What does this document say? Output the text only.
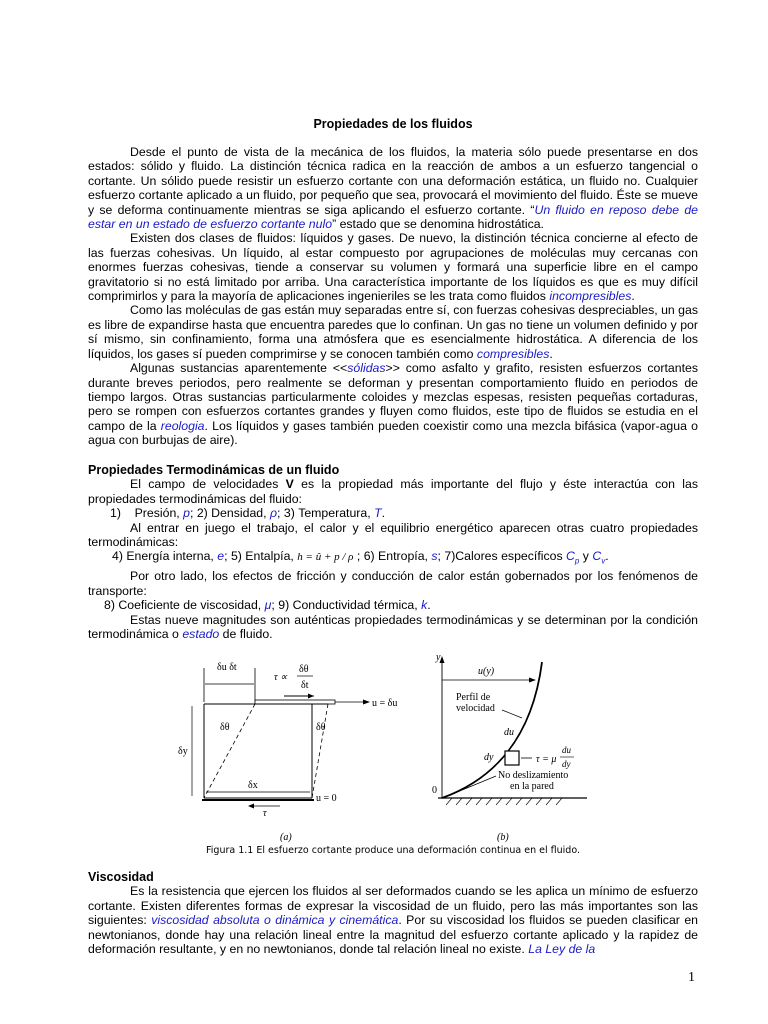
Propiedades de los fluidos

Desde el punto de vista de la mecánica de los fluidos, la materia sólo puede presentarse en dos estados: sólido y fluido. La distinción técnica radica en la reacción de ambos a un esfuerzo tangencial o cortante. Un sólido puede resistir un esfuerzo cortante con una deformación estática, un fluido no. Cualquier esfuerzo cortante aplicado a un fluido, por pequeño que sea, provocará el movimiento del fluido. Éste se mueve y se deforma continuamente mientras se siga aplicando el esfuerzo cortante. “Un fluido en reposo debe de estar en un estado de esfuerzo cortante nulo” estado que se denomina hidrostática.

Existen dos clases de fluidos: líquidos y gases. De nuevo, la distinción técnica concierne al efecto de las fuerzas cohesivas. Un líquido, al estar compuesto por agrupaciones de moléculas muy cercanas con enormes fuerzas cohesivas, tiende a conservar su volumen y formará una superficie libre en el campo gravitatorio si no está limitado por arriba. Una característica importante de los líquidos es que es muy difícil comprimirlos y para la mayoría de aplicaciones ingenieriles se les trata como fluidos incompresibles.

Como las moléculas de gas están muy separadas entre sí, con fuerzas cohesivas despreciables, un gas es libre de expandirse hasta que encuentra paredes que lo confinan. Un gas no tiene un volumen definido y por sí mismo, sin confinamiento, forma una atmósfera que es esencialmente hidrostática. A diferencia de los líquidos, los gases sí pueden comprimirse y se conocen también como compresibles.

Algunas sustancias aparentemente <<sólidas>> como asfalto y grafito, resisten esfuerzos cortantes durante breves periodos, pero realmente se deforman y presentan comportamiento fluido en periodos de tiempo largos. Otras sustancias particularmente coloides y mezclas espesas, resisten pequeñas cortaduras, pero se rompen con esfuerzos cortantes grandes y fluyen como fluidos, este tipo de fluidos se estudia en el campo de la reologia. Los líquidos y gases también pueden coexistir como una mezcla bifásica (vapor-agua o agua con burbujas de aire).

Propiedades Termodinámicas de un fluido

El campo de velocidades V es la propiedad más importante del flujo y éste interactúa con las propiedades termodinámicas del fluido:

1) Presión, p; 2) Densidad, ρ; 3) Temperatura, T.

Al entrar en juego el trabajo, el calor y el equilibrio energético aparecen otras cuatro propiedades termodinámicas:

4) Energía interna, e; 5) Entalpía, h = û + p / ρ ; 6) Entropía, s; 7)Calores específicos $C_p$ y $C_v$.

Por otro lado, los efectos de fricción y conducción de calor están gobernados por los fenómenos de transporte:

8) Coeficiente de viscosidad, μ; 9) Conductividad térmica, k.

Estas nueve magnitudes son auténticas propiedades termodinámicas y se determinan por la condición termodinámica o estado de fluido.

δu δt
τ ∝
δθ
δt
u = δu
δθ	δθ
δy
δx
u = 0
τ
(a)
y
u(y)
Perfil de
velocidad
du
dy	τ = μ
du
dy
No deslizamiento
en la pared
0
(b)
Figura 1.1 El esfuerzo cortante produce una deformación continua en el fluido.
Viscosidad

Es la resistencia que ejercen los fluidos al ser deformados cuando se les aplica un mínimo de esfuerzo cortante. Existen diferentes formas de expresar la viscosidad de un fluido, pero las más importantes son las siguientes: viscosidad absoluta o dinámica y cinemática. Por su viscosidad los fluidos se pueden clasificar en newtonianos, donde hay una relación lineal entre la magnitud del esfuerzo cortante aplicado y la rapidez de deformación resultante, y en no newtonianos, donde tal relación lineal no existe. La Ley de la

1
